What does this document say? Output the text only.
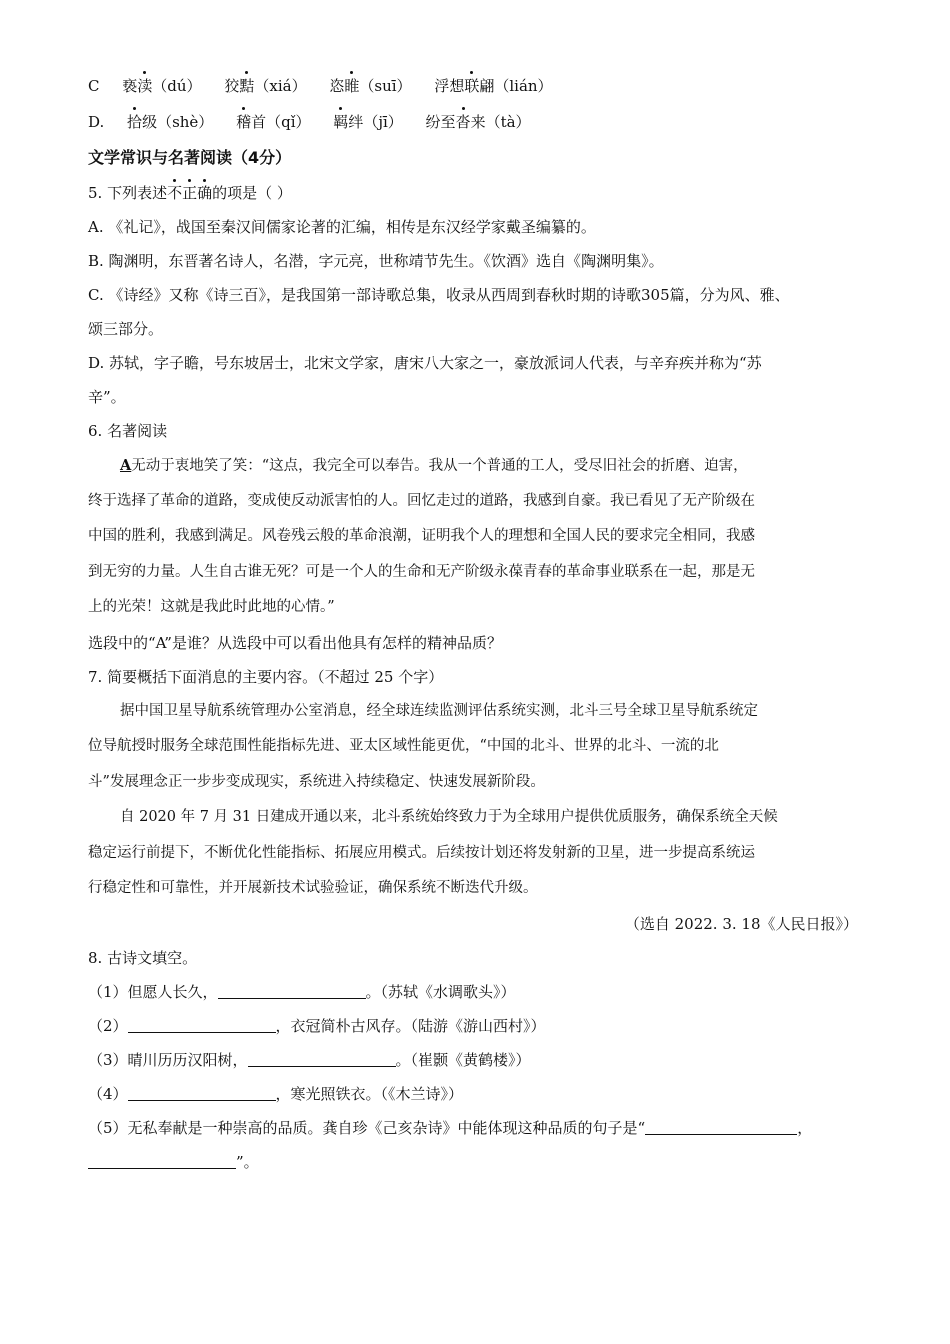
C 亵渎（dú） 狡黠（xiá） 恣睢（suī） 浮想联翩（lián）

D. 拾级（shè） 稽首（qǐ） 羁绊（jī） 纷至沓来（tà）

文学常识与名著阅读（4分）

5. 下列表述不正确的项是（ ）

A. 《礼记》，战国至秦汉间儒家论著的汇编，相传是东汉经学家戴圣编纂的。

B. 陶渊明，东晋著名诗人，名潜，字元亮，世称靖节先生。《饮酒》选自《陶渊明集》。

C. 《诗经》又称《诗三百》，是我国第一部诗歌总集，收录从西周到春秋时期的诗歌305篇，分为风、雅、

颂三部分。

D. 苏轼，字子瞻，号东坡居士，北宋文学家，唐宋八大家之一，豪放派词人代表，与辛弃疾并称为“苏

辛”。

6. 名著阅读

A无动于衷地笑了笑：“这点，我完全可以奉告。我从一个普通的工人，受尽旧社会的折磨、迫害，

终于选择了革命的道路，变成使反动派害怕的人。回忆走过的道路，我感到自豪。我已看见了无产阶级在

中国的胜利，我感到满足。风卷残云般的革命浪潮，证明我个人的理想和全国人民的要求完全相同，我感

到无穷的力量。人生自古谁无死？可是一个人的生命和无产阶级永葆青春的革命事业联系在一起，那是无

上的光荣！这就是我此时此地的心情。”

选段中的“A”是谁？从选段中可以看出他具有怎样的精神品质？

7. 简要概括下面消息的主要内容。（不超过 25 个字）

据中国卫星导航系统管理办公室消息，经全球连续监测评估系统实测，北斗三号全球卫星导航系统定

位导航授时服务全球范围性能指标先进、亚太区域性能更优，“中国的北斗、世界的北斗、一流的北

斗”发展理念正一步步变成现实，系统进入持续稳定、快速发展新阶段。

自 2020 年 7 月 31 日建成开通以来，北斗系统始终致力于为全球用户提供优质服务，确保系统全天候

稳定运行前提下，不断优化性能指标、拓展应用模式。后续按计划还将发射新的卫星，进一步提高系统运

行稳定性和可靠性，并开展新技术试验验证，确保系统不断迭代升级。

（选自 2022. 3. 18《人民日报》）

8. 古诗文填空。

（1）但愿人长久，	。（苏轼《水调歌头》）

（2）	，衣冠简朴古风存。（陆游《游山西村》）

（3）晴川历历汉阳树，	。（崔颢《黄鹤楼》）

（4）	，寒光照铁衣。（《木兰诗》）

（5）无私奉献是一种崇高的品质。龚自珍《己亥杂诗》中能体现这种品质的句子是“	，

”。
